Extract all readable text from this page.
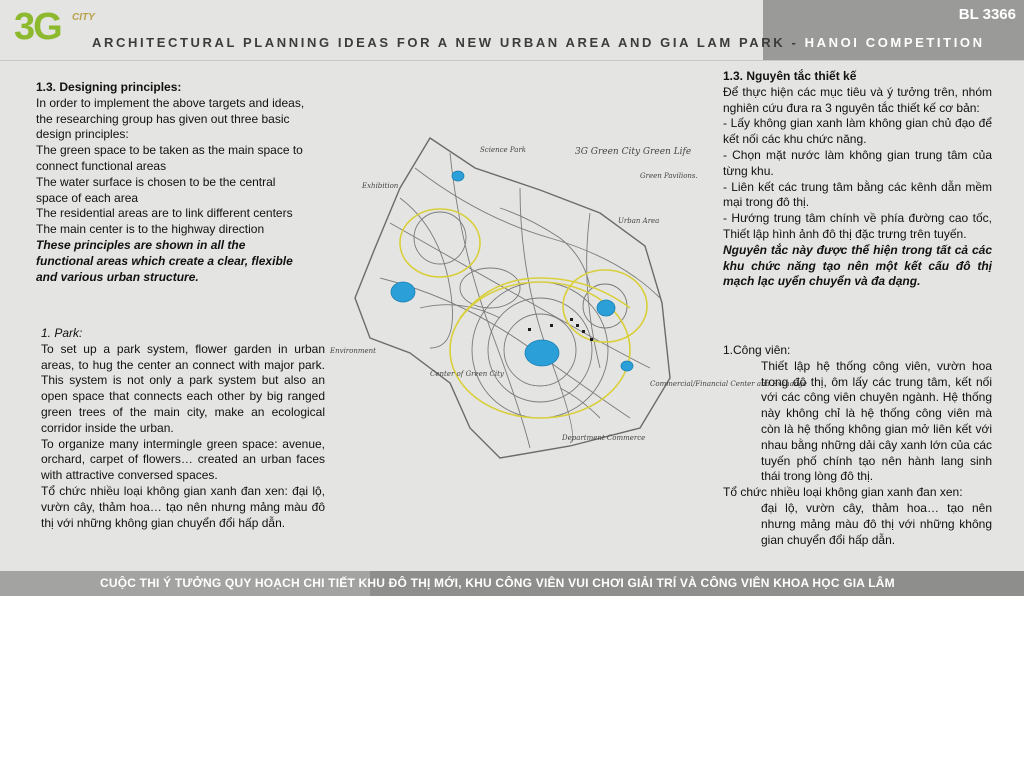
3G CITY	BL 3366
ARCHITECTURAL PLANNING IDEAS FOR A NEW URBAN AREA AND GIA LAM PARK - HANOI COMPETITION

1.3. Designing principles:

In order to implement the above targets and ideas, the researching group has given out three basic design principles:

The green space to be taken as the main space to connect functional areas

The water surface is chosen to be the central space of each area

The residential areas are to link different centers

The main center is to the highway direction

These principles are shown in all the functional areas which create a clear, flexible and various urban structure.

1. Park:

To set up a park system, flower garden in urban areas, to hug the center an connect with major park. This system is not only a park system but also an open space that connects each other by big ranged green trees of the main city, make an ecological corridor inside the urban.

To organize many intermingle green space: avenue, orchard, carpet of flowers… created an urban faces with attractive conversed spaces.

Tổ chức nhiều loại không gian xanh đan xen: đại lộ, vườn cây, thảm hoa… tạo nên nhưng mảng màu đô thị với những không gian chuyển đổi hấp dẫn.

Science Park	3G Green City Green Life
Green Pavilions.
Exhibition
Urban Area
Environment
Center of Green City
Commercial/Financial Center and Exchange
Department Commerce

1.3. Nguyên tắc thiết kế

Để thực hiện các mục tiêu và ý tưởng trên, nhóm nghiên cứu đưa ra 3 nguyên tắc thiết kế cơ bản:

- Lấy không gian xanh làm không gian chủ đạo để kết nối các khu chức năng.

- Chọn mặt nước làm không gian trung tâm của từng khu.

- Liên kết các trung tâm bằng các kênh dẫn mềm mại trong đô thị.

- Hướng trung tâm chính về phía đường cao tốc, Thiết lập hình ảnh đô thị đặc trưng trên tuyến.

Nguyên tắc này được thể hiện trong tất cả các khu chức năng tạo nên một kết cấu đô thị mạch lạc uyển chuyển và đa dạng.

1.Công viên:

Thiết lập hệ thống công viên, vườn hoa trong đô thị, ôm lấy các trung tâm, kết nối với các công viên chuyên ngành. Hệ thống này không chỉ là hệ thống công viên mà còn là hệ thống không gian mở liên kết với nhau bằng những dải cây xanh lớn của các tuyến phố chính tạo nên hành lang sinh thái trong lòng đô thị.

Tổ chức nhiều loại không gian xanh đan xen:

đại lộ, vườn cây, thảm hoa… tạo nên nhưng mảng màu đô thị với những không gian chuyển đổi hấp dẫn.

CUỘC THI Ý TƯỞNG QUY HOẠCH CHI TIẾT KHU ĐÔ THỊ MỚI, KHU CÔNG VIÊN VUI CHƠI GIẢI TRÍ VÀ CÔNG VIÊN KHOA HỌC GIA LÂM
